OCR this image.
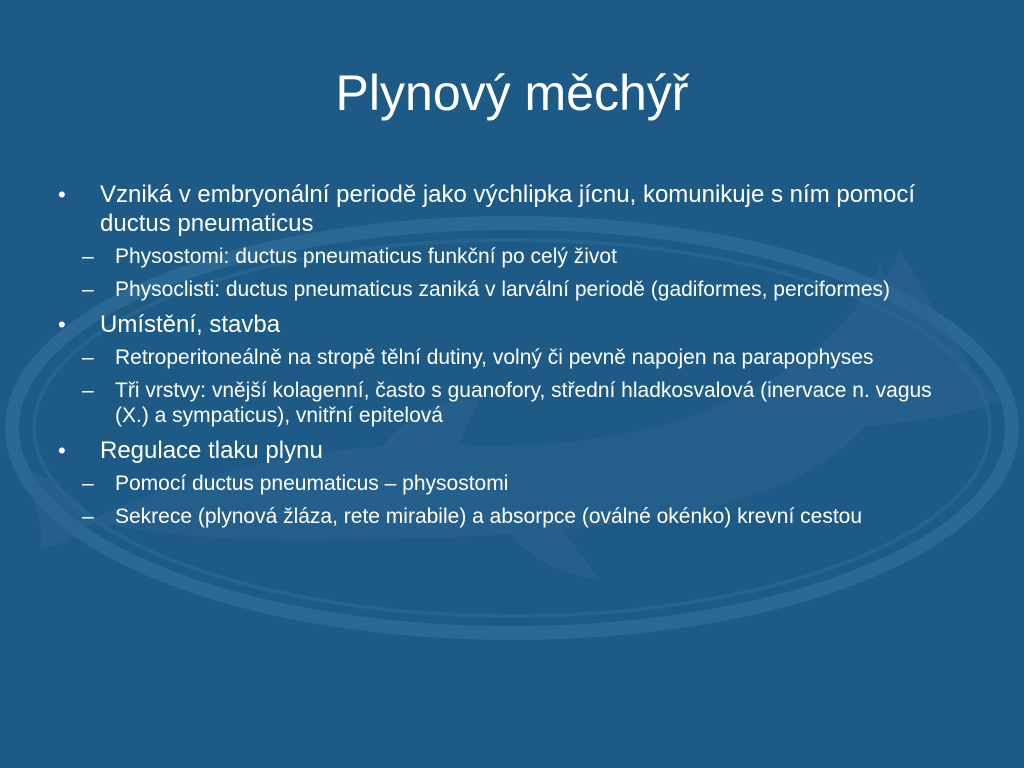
Plynový měchýř
• Vzniká v embryonální periodě jako výchlipka jícnu, komunikuje s ním pomocí ductus pneumaticus
– Physostomi: ductus pneumaticus funkční po celý život
– Physoclisti: ductus pneumaticus zaniká v larvální periodě (gadiformes, perciformes)
• Umístění, stavba
– Retroperitoneálně na stropě tělní dutiny, volný či pevně napojen na parapophyses
– Tři vrstvy: vnější kolagenní, často s guanofory, střední hladkosvalová (inervace n. vagus (X.) a sympaticus), vnitřní epitelová
• Regulace tlaku plynu
– Pomocí ductus pneumaticus – physostomi
– Sekrece (plynová žláza, rete mirabile) a absorpce (oválné okénko) krevní cestou
